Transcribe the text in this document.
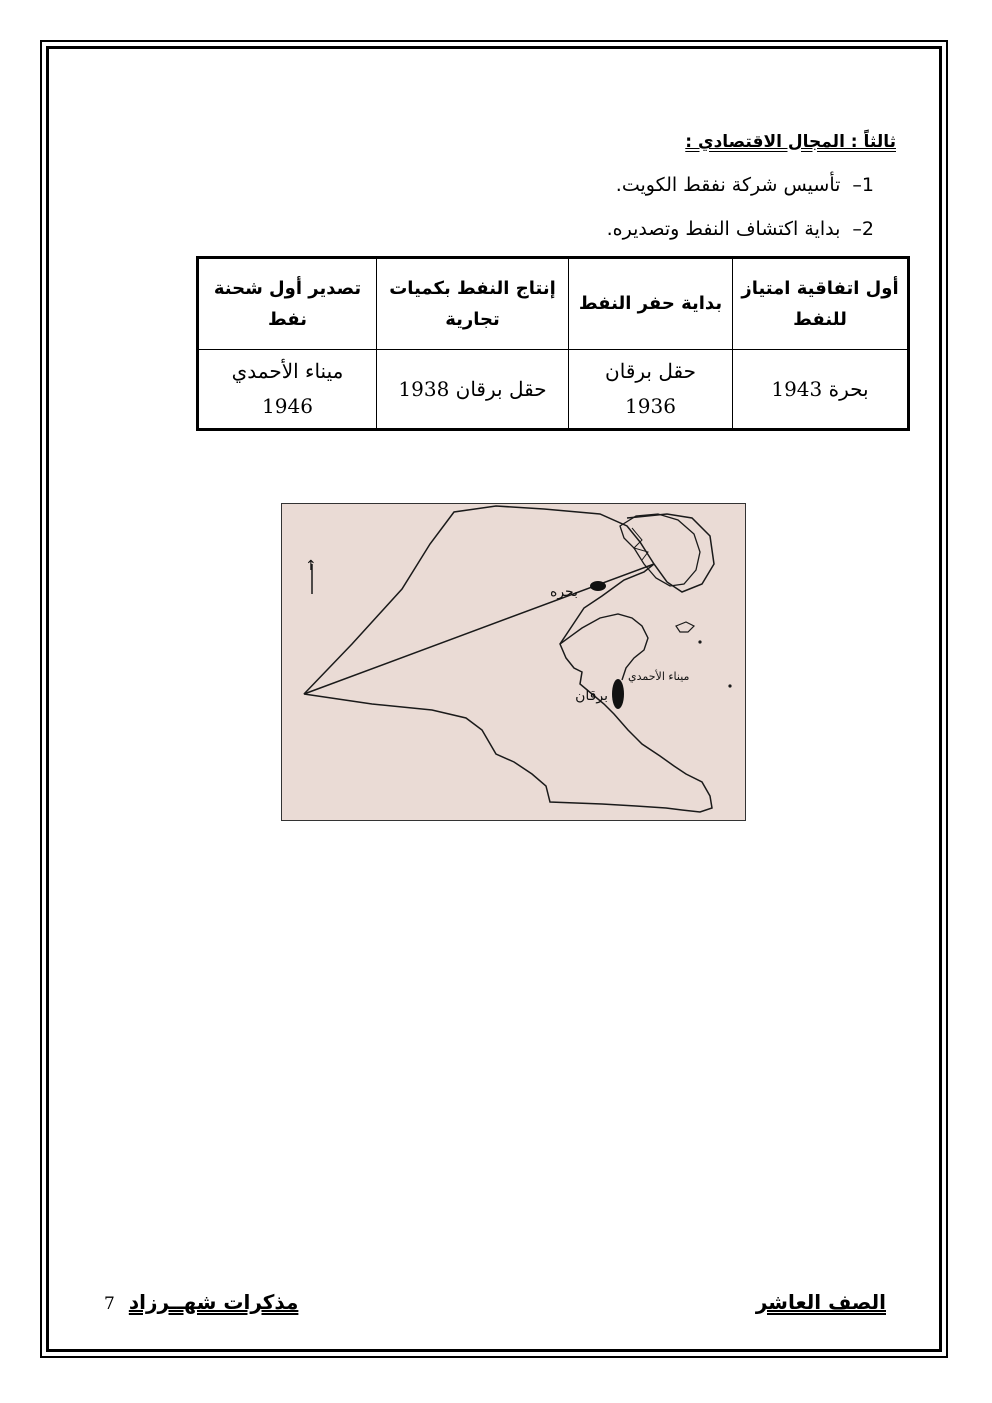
ثالثاً : المجال الاقتصادي :
1–تأسيس شركة نفقط الكويت.
2–بداية اكتشاف النفط وتصديره.
أول اتفاقية امتياز للنفط	بداية حفر النفط	إنتاج النفط بكميات تجارية	تصدير أول شحنة نفط
بحرة 1943	حقل برقان 1936	حقل برقان 1938	ميناء الأحمدي 1946
↑
بحره
برقان
ميناء الأحمدي
مذكرات شهــرزاد7	الصف العاشر
